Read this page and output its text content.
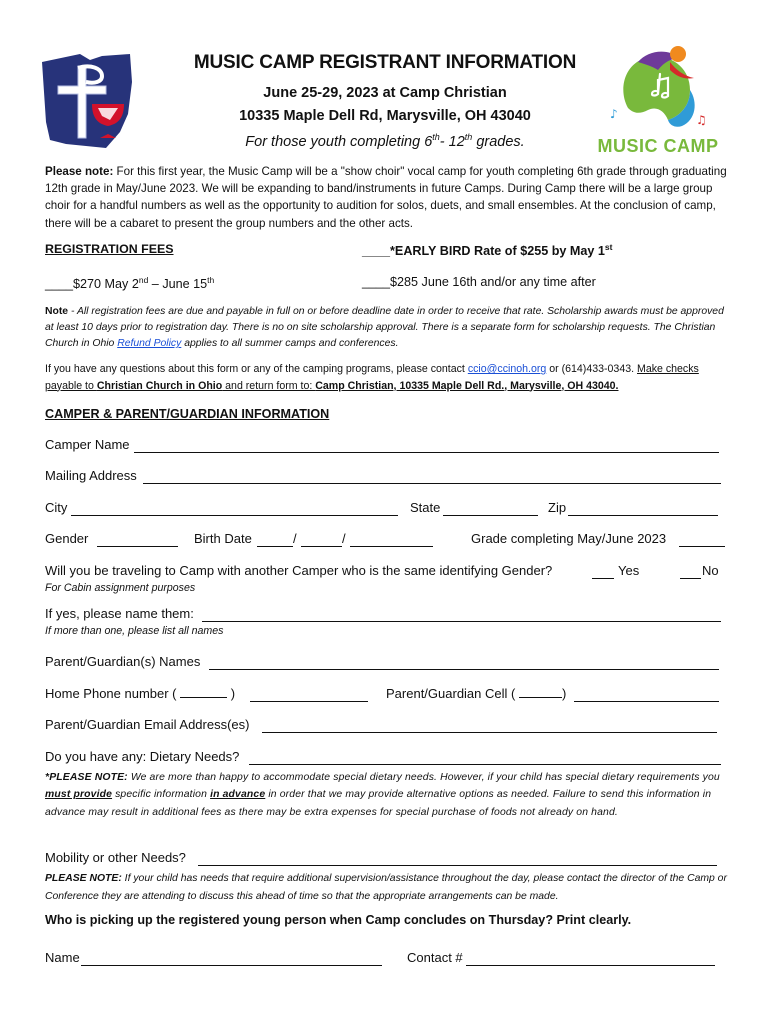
♪	♫
MUSIC CAMP
MUSIC CAMP REGISTRANT INFORMATION
June 25-29, 2023 at Camp Christian
10335 Maple Dell Rd, Marysville, OH 43040
For those youth completing 6th- 12th grades.
Please note: For this first year, the Music Camp will be a "show choir" vocal camp for youth completing 6th grade through graduating 12th grade in May/June 2023. We will be expanding to band/instruments in future Camps. During Camp there will be a large group choir for a handful numbers as well as the opportunity to audition for solos, duets, and small ensembles. At the conclusion of camp, there will be a cabaret to present the group numbers and the other acts.
REGISTRATION FEES	____*EARLY BIRD Rate of $255 by May 1st
____$270 May 2nd – June 15th	____$285 June 16th and/or any time after
Note - All registration fees are due and payable in full on or before deadline date in order to receive that rate. Scholarship awards must be approved at least 10 days prior to registration day. There is no on site scholarship approval. There is a separate form for scholarship requests. The Christian Church in Ohio Refund Policy applies to all summer camps and conferences.
If you have any questions about this form or any of the camping programs, please contact ccio@ccinoh.org or (614)433-0343. Make checks payable to Christian Church in Ohio and return form to: Camp Christian, 10335 Maple Dell Rd., Marysville, OH 43040.
CAMPER & PARENT/GUARDIAN INFORMATION
Camper Name
Mailing Address
City	State	Zip
Gender	Birth Date	/	/	Grade completing May/June 2023
Will you be traveling to Camp with another Camper who is the same identifying Gender?	Yes	No
For Cabin assignment purposes
If yes, please name them:
If more than one, please list all names
Parent/Guardian(s) Names
Home Phone number (	)	Parent/Guardian Cell (	)
Parent/Guardian Email Address(es)
Do you have any: Dietary Needs?
*PLEASE NOTE: We are more than happy to accommodate special dietary needs. However, if your child has special dietary requirements you must provide specific information in advance in order that we may provide alternative options as needed. Failure to send this information in advance may result in additional fees as there may be extra expenses for special purchase of foods not already on hand.
Mobility or other Needs?
PLEASE NOTE: If your child has needs that require additional supervision/assistance throughout the day, please contact the director of the Camp or Conference they are attending to discuss this ahead of time so that the appropriate arrangements can be made.
Who is picking up the registered young person when Camp concludes on Thursday? Print clearly.
Name	Contact #
